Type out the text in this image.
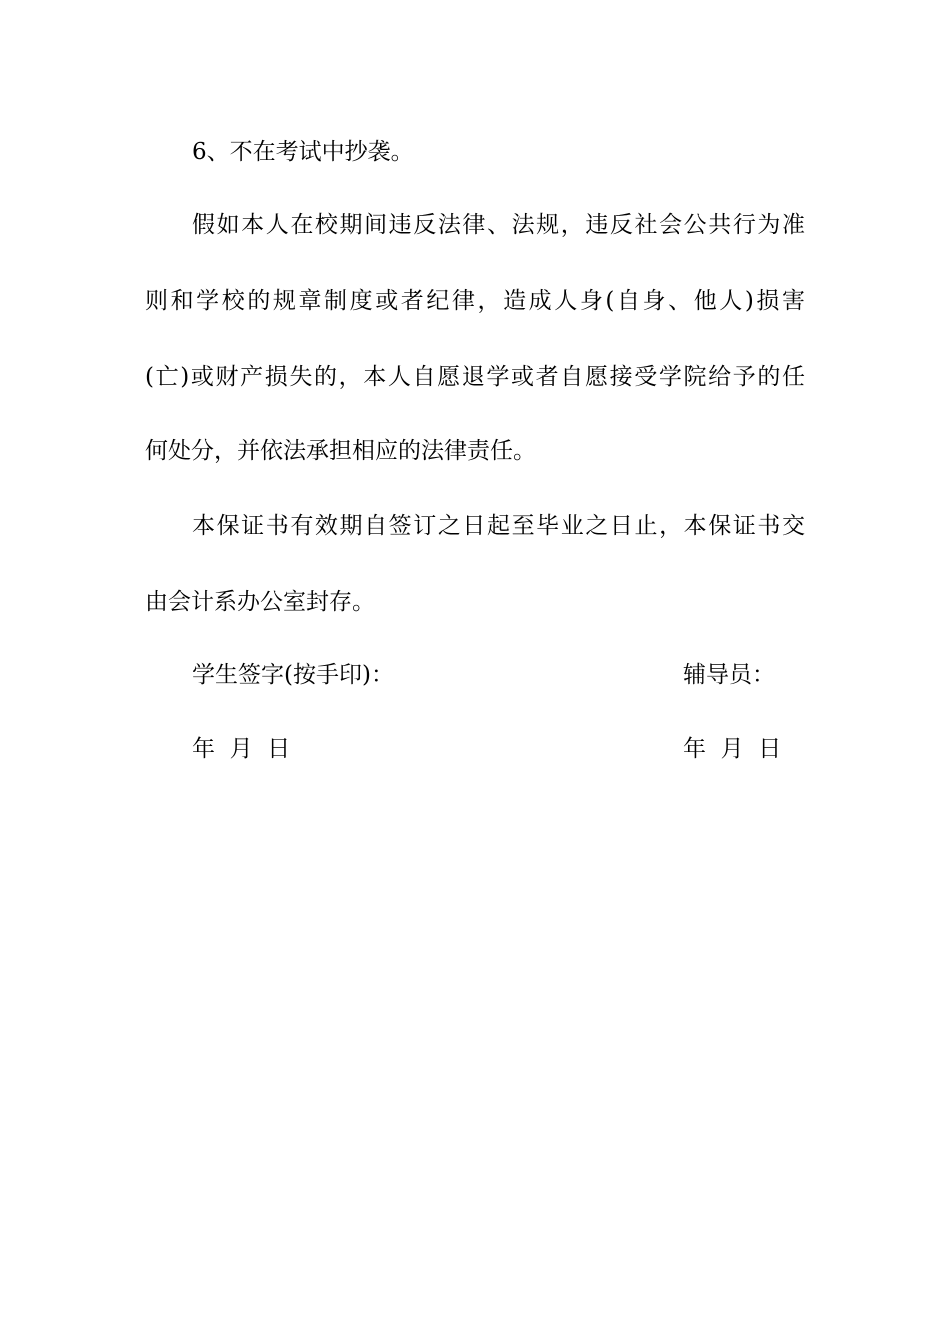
6、不在考试中抄袭。

假如本人在校期间违反法律、法规，违反社会公共行为准

则和学校的规章制度或者纪律，造成人身(自身、他人)损害

(亡)或财产损失的，本人自愿退学或者自愿接受学院给予的任

何处分，并依法承担相应的法律责任。

本保证书有效期自签订之日起至毕业之日止，本保证书交

由会计系办公室封存。

学生签字(按手印)：	辅导员：

年  月  日	年  月  日
